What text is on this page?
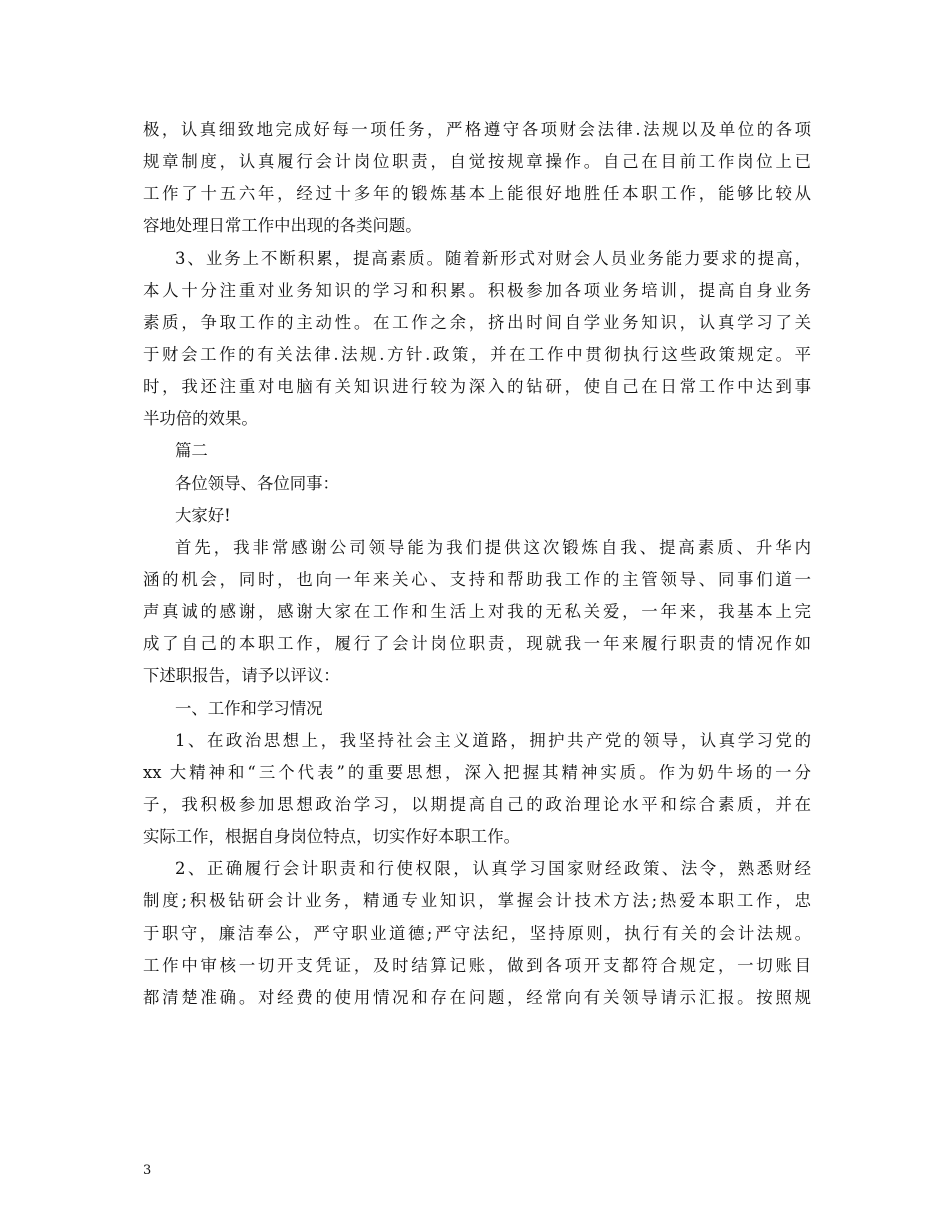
极，认真细致地完成好每一项任务，严格遵守各项财会法律.法规以及单位的各项
规章制度，认真履行会计岗位职责，自觉按规章操作。自己在目前工作岗位上已
工作了十五六年，经过十多年的锻炼基本上能很好地胜任本职工作，能够比较从
容地处理日常工作中出现的各类问题。
3、业务上不断积累，提高素质。随着新形式对财会人员业务能力要求的提高，
本人十分注重对业务知识的学习和积累。积极参加各项业务培训，提高自身业务
素质，争取工作的主动性。在工作之余，挤出时间自学业务知识，认真学习了关
于财会工作的有关法律.法规.方针.政策，并在工作中贯彻执行这些政策规定。平
时，我还注重对电脑有关知识进行较为深入的钻研，使自己在日常工作中达到事
半功倍的效果。
篇二
各位领导、各位同事：
大家好!
首先，我非常感谢公司领导能为我们提供这次锻炼自我、提高素质、升华内
涵的机会，同时，也向一年来关心、支持和帮助我工作的主管领导、同事们道一
声真诚的感谢，感谢大家在工作和生活上对我的无私关爱，一年来，我基本上完
成了自己的本职工作，履行了会计岗位职责，现就我一年来履行职责的情况作如
下述职报告，请予以评议：
一、工作和学习情况
1、在政治思想上，我坚持社会主义道路，拥护共产党的领导，认真学习党的
xx 大精神和“三个代表”的重要思想，深入把握其精神实质。作为奶牛场的一分
子，我积极参加思想政治学习，以期提高自己的政治理论水平和综合素质，并在
实际工作，根据自身岗位特点，切实作好本职工作。
2、正确履行会计职责和行使权限，认真学习国家财经政策、法令，熟悉财经
制度;积极钻研会计业务，精通专业知识，掌握会计技术方法;热爱本职工作，忠
于职守，廉洁奉公，严守职业道德;严守法纪，坚持原则，执行有关的会计法规。
工作中审核一切开支凭证，及时结算记账，做到各项开支都符合规定，一切账目
都清楚准确。对经费的使用情况和存在问题，经常向有关领导请示汇报。按照规
3
